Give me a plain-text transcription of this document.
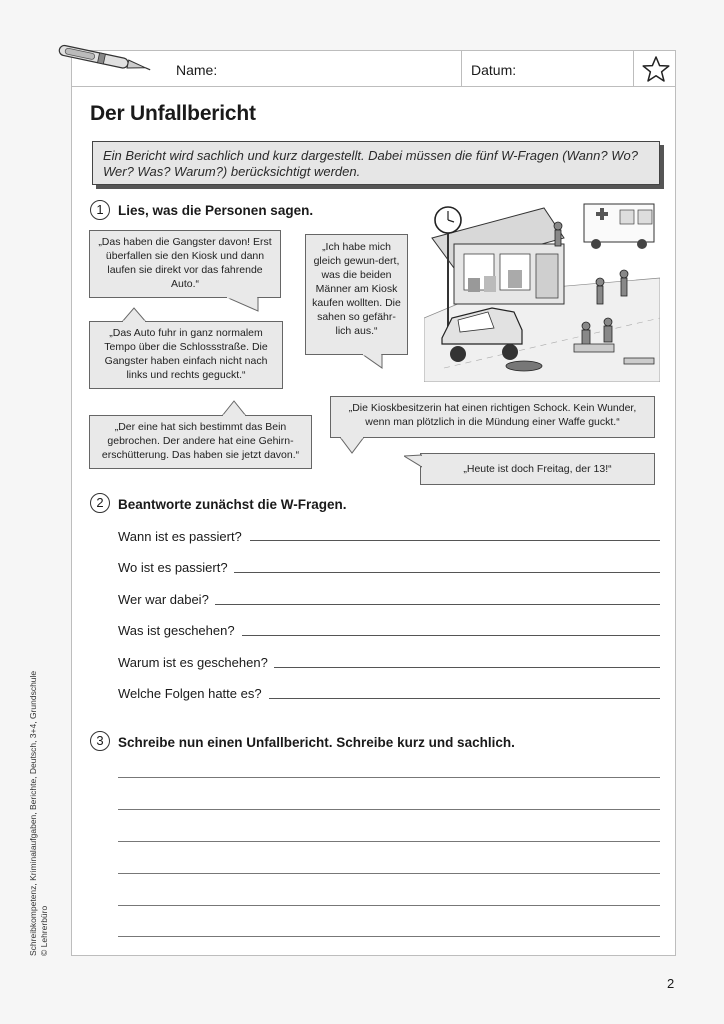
Name:	Datum:
Der Unfallbericht
Ein Bericht wird sachlich und kurz dargestellt. Dabei müssen die fünf W-Fragen (Wann? Wo? Wer? Was? Warum?) berücksichtigt werden.
1	Lies, was die Personen sagen.
„Das haben die Gangster davon! Erst überfallen sie den Kiosk und dann laufen sie direkt vor das fahrende Auto.“
„Ich habe mich gleich gewun-dert, was die beiden Männer am Kiosk kaufen wollten. Die sahen so gefähr-lich aus.“
„Das Auto fuhr in ganz normalem Tempo über die Schlossstraße. Die Gangster haben einfach nicht nach links und rechts geguckt.“
„Die Kioskbesitzerin hat einen richtigen Schock. Kein Wunder, wenn man plötzlich in die Mündung einer Waffe guckt.“
„Der eine hat sich bestimmt das Bein gebrochen. Der andere hat eine Gehirn-erschütterung. Das haben sie jetzt davon.“
„Heute ist doch Freitag, der 13!“
2	Beantworte zunächst die W-Fragen.
Wann ist es passiert?
Wo ist es passiert?
Wer war dabei?
Was ist geschehen?
Warum ist es geschehen?
Welche Folgen hatte es?
3	Schreibe nun einen Unfallbericht. Schreibe kurz und sachlich.
Schreibkompetenz, Kriminalaufgaben, Berichte, Deutsch, 3+4, Grundschule © Lehrerbüro
2
